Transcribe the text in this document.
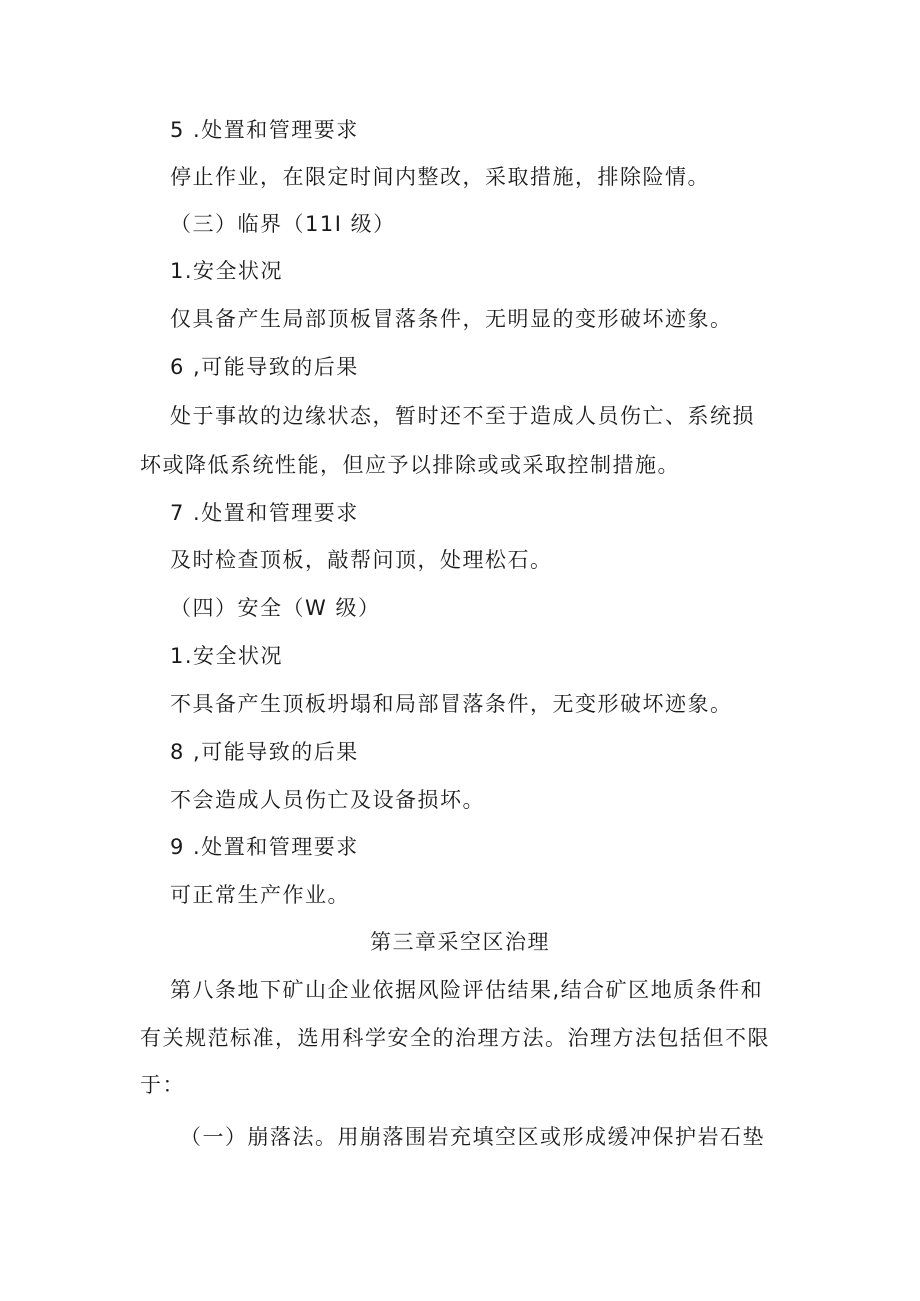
5 .处置和管理要求
停止作业，在限定时间内整改，采取措施，排除险情。
（三）临界（11I 级）
1.安全状况
仅具备产生局部顶板冒落条件，无明显的变形破坏迹象。
6 ,可能导致的后果
处于事故的边缘状态，暂时还不至于造成人员伤亡、系统损
坏或降低系统性能，但应予以排除或或采取控制措施。
7 .处置和管理要求
及时检查顶板，敲帮问顶，处理松石。
（四）安全（W 级）
1.安全状况
不具备产生顶板坍塌和局部冒落条件，无变形破坏迹象。
8 ,可能导致的后果
不会造成人员伤亡及设备损坏。
9 .处置和管理要求
可正常生产作业。
第三章采空区治理
第八条地下矿山企业依据风险评估结果,结合矿区地质条件和
有关规范标准，选用科学安全的治理方法。治理方法包括但不限
于：
（一）崩落法。用崩落围岩充填空区或形成缓冲保护岩石垫
